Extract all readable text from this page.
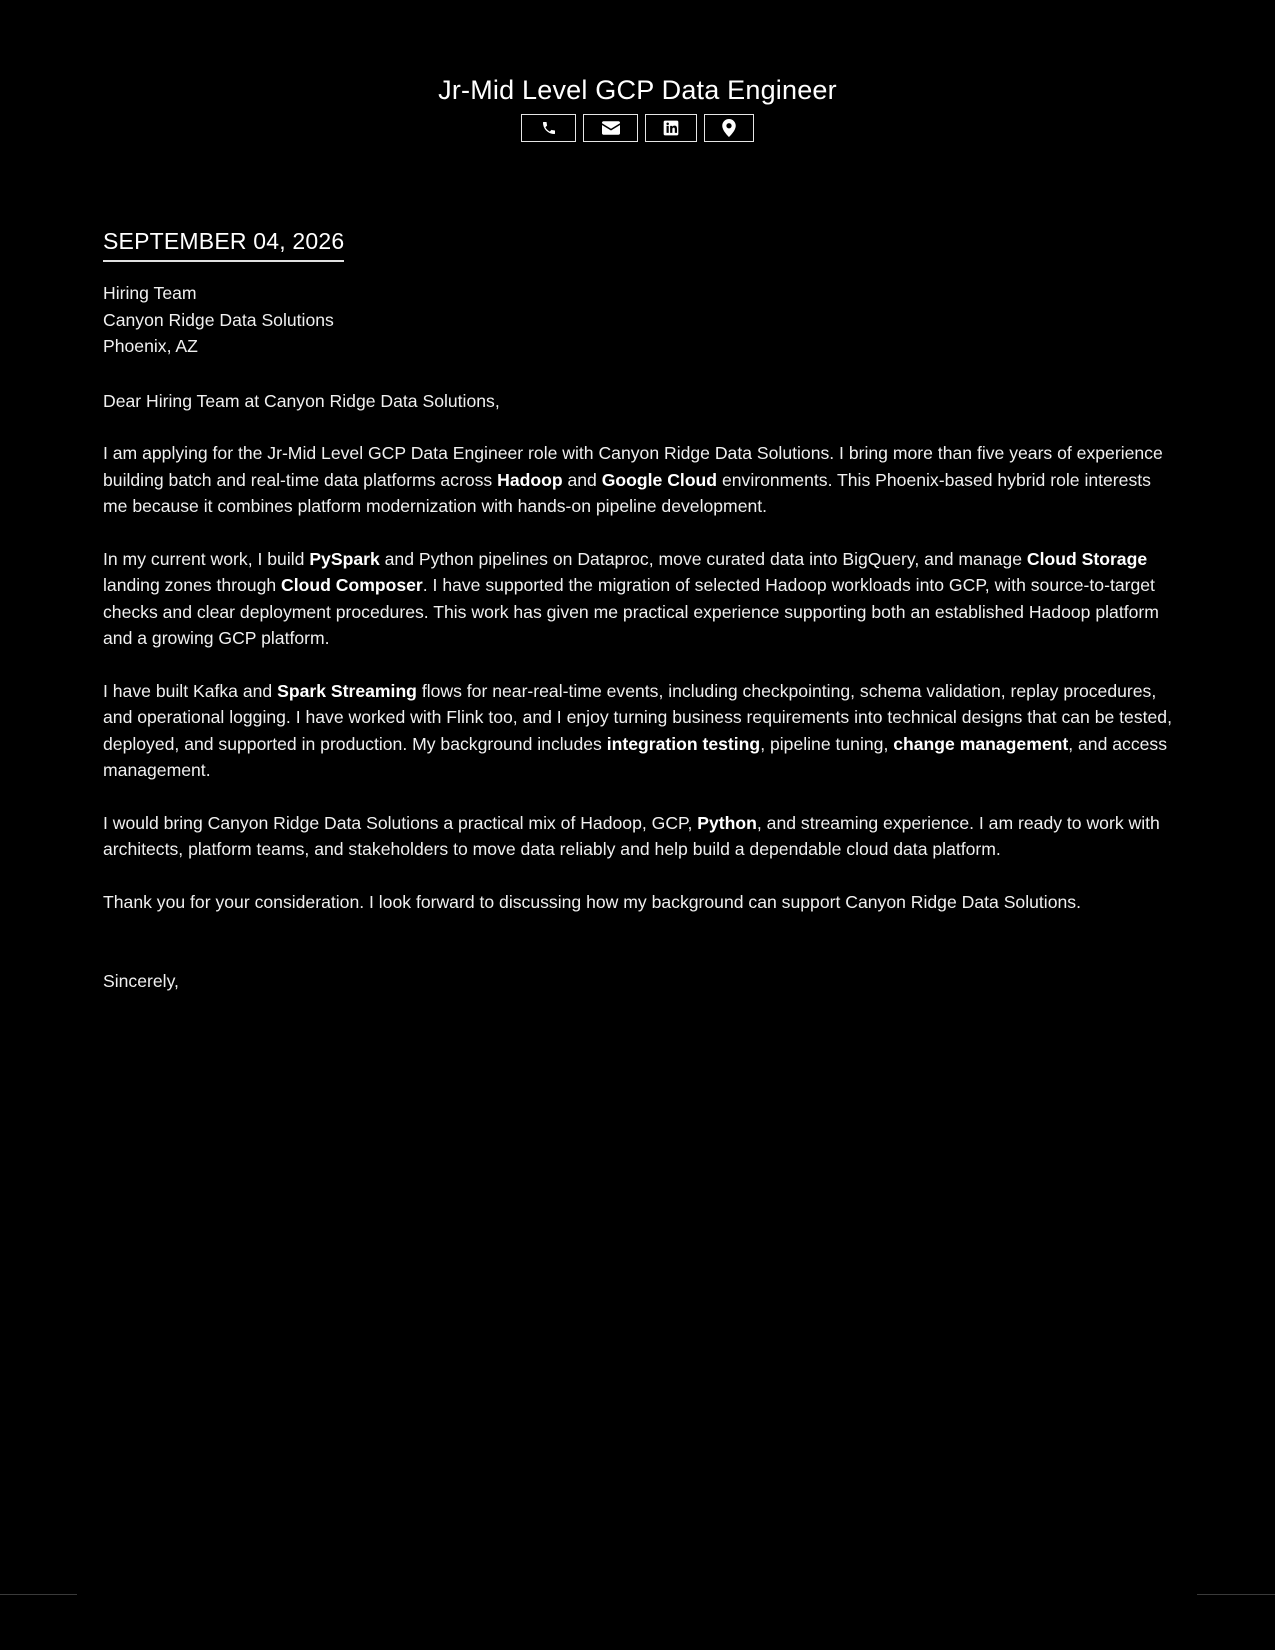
Jr-Mid Level GCP Data Engineer
SEPTEMBER 04, 2026
Hiring Team
Canyon Ridge Data Solutions
Phoenix, AZ
Dear Hiring Team at Canyon Ridge Data Solutions,
I am applying for the Jr-Mid Level GCP Data Engineer role with Canyon Ridge Data Solutions. I bring more than five years of experience building batch and real-time data platforms across Hadoop and Google Cloud environments. This Phoenix-based hybrid role interests me because it combines platform modernization with hands-on pipeline development.
In my current work, I build PySpark and Python pipelines on Dataproc, move curated data into BigQuery, and manage Cloud Storage landing zones through Cloud Composer. I have supported the migration of selected Hadoop workloads into GCP, with source-to-target checks and clear deployment procedures. This work has given me practical experience supporting both an established Hadoop platform and a growing GCP platform.
I have built Kafka and Spark Streaming flows for near-real-time events, including checkpointing, schema validation, replay procedures, and operational logging. I have worked with Flink too, and I enjoy turning business requirements into technical designs that can be tested, deployed, and supported in production. My background includes integration testing, pipeline tuning, change management, and access management.
I would bring Canyon Ridge Data Solutions a practical mix of Hadoop, GCP, Python, and streaming experience. I am ready to work with architects, platform teams, and stakeholders to move data reliably and help build a dependable cloud data platform.
Thank you for your consideration. I look forward to discussing how my background can support Canyon Ridge Data Solutions.
Sincerely,
